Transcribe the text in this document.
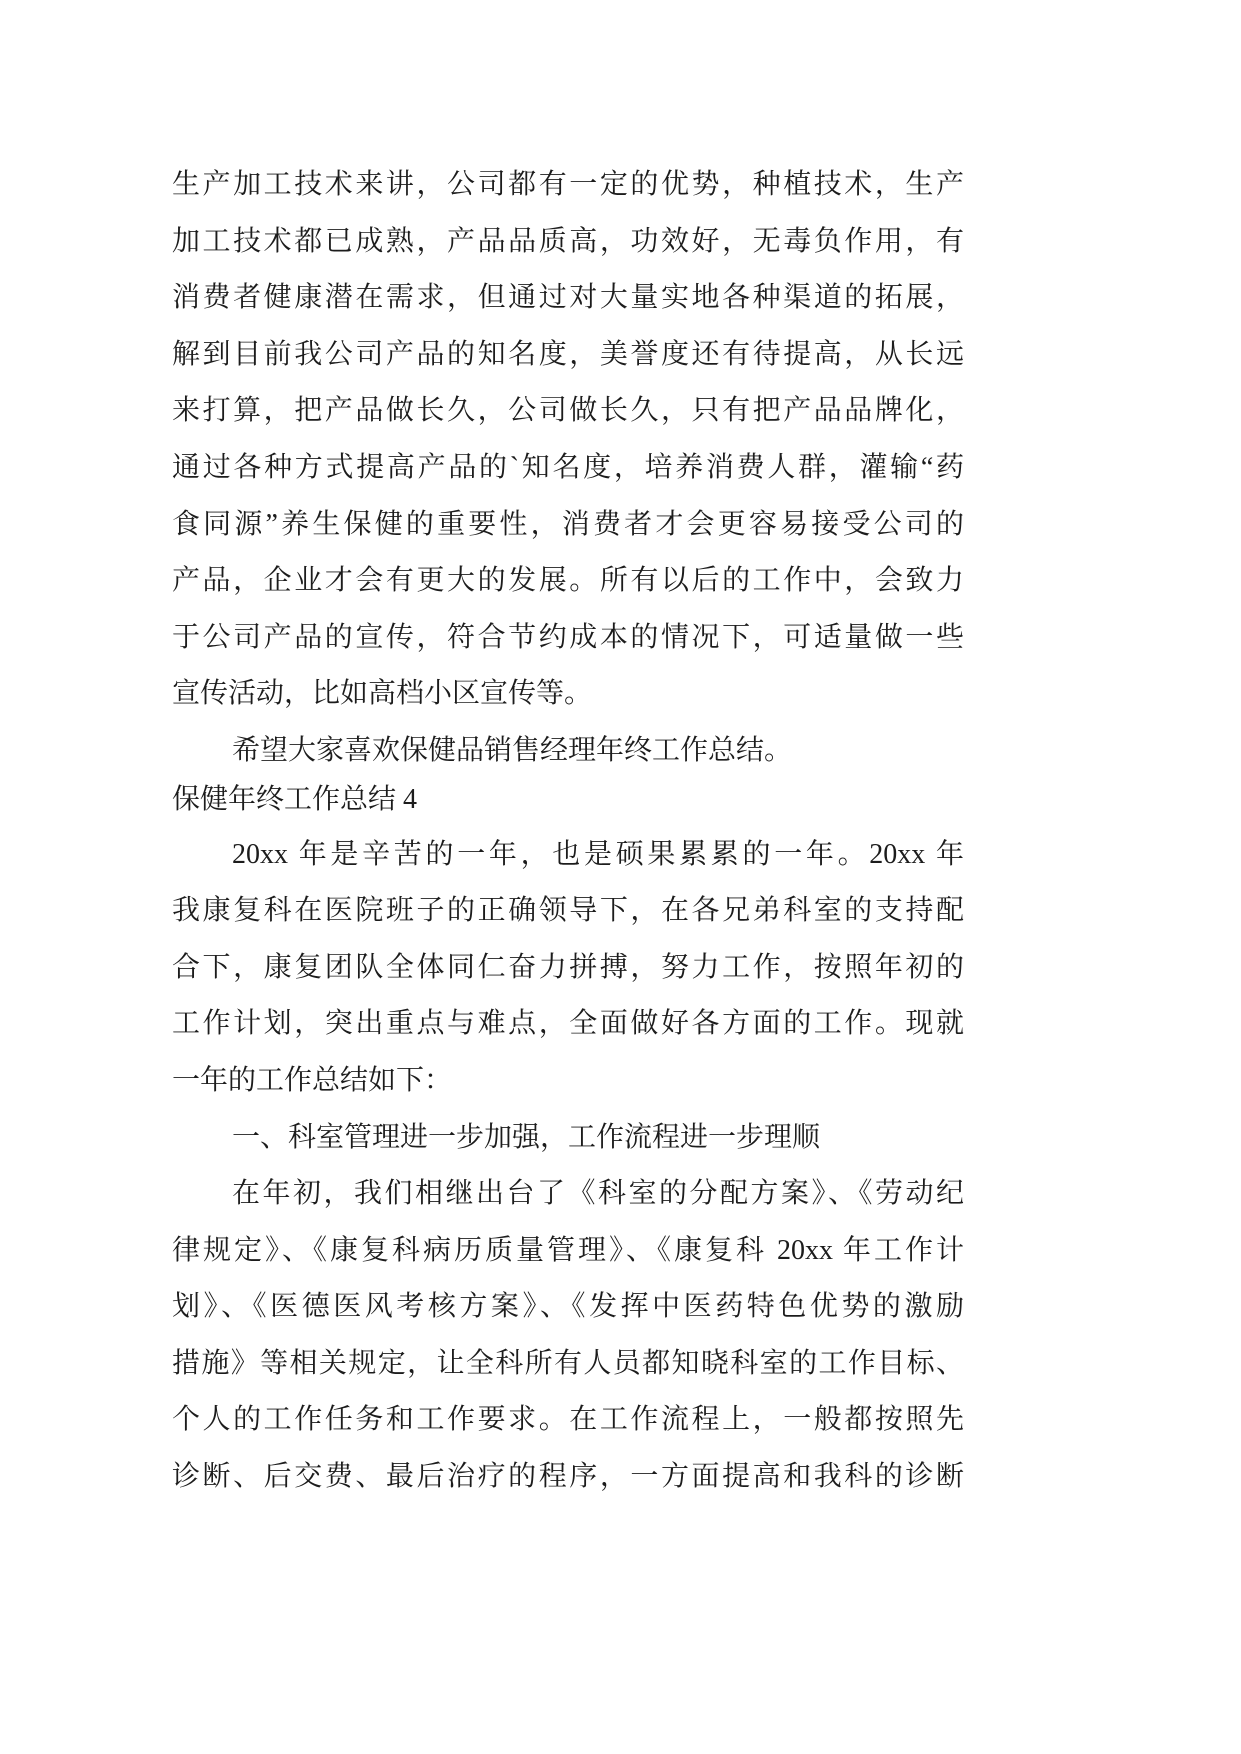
生产加工技术来讲，公司都有一定的优势，种植技术，生产
加工技术都已成熟，产品品质高，功效好，无毒负作用，有
消费者健康潜在需求，但通过对大量实地各种渠道的拓展，
解到目前我公司产品的知名度，美誉度还有待提高，从长远
来打算，把产品做长久，公司做长久，只有把产品品牌化，
通过各种方式提高产品的`知名度，培养消费人群，灌输“药
食同源”养生保健的重要性，消费者才会更容易接受公司的
产品，企业才会有更大的发展。所有以后的工作中，会致力
于公司产品的宣传，符合节约成本的情况下，可适量做一些
宣传活动，比如高档小区宣传等。
希望大家喜欢保健品销售经理年终工作总结。
保健年终工作总结 4
20xx 年是辛苦的一年，也是硕果累累的一年。20xx 年
我康复科在医院班子的正确领导下，在各兄弟科室的支持配
合下，康复团队全体同仁奋力拼搏，努力工作，按照年初的
工作计划，突出重点与难点，全面做好各方面的工作。现就
一年的工作总结如下：
一、科室管理进一步加强，工作流程进一步理顺
在年初，我们相继出台了《科室的分配方案》、《劳动纪
律规定》、《康复科病历质量管理》、《康复科 20xx 年工作计
划》、《医德医风考核方案》、《发挥中医药特色优势的激励
措施》等相关规定，让全科所有人员都知晓科室的工作目标、
个人的工作任务和工作要求。在工作流程上，一般都按照先
诊断、后交费、最后治疗的程序，一方面提高和我科的诊断
